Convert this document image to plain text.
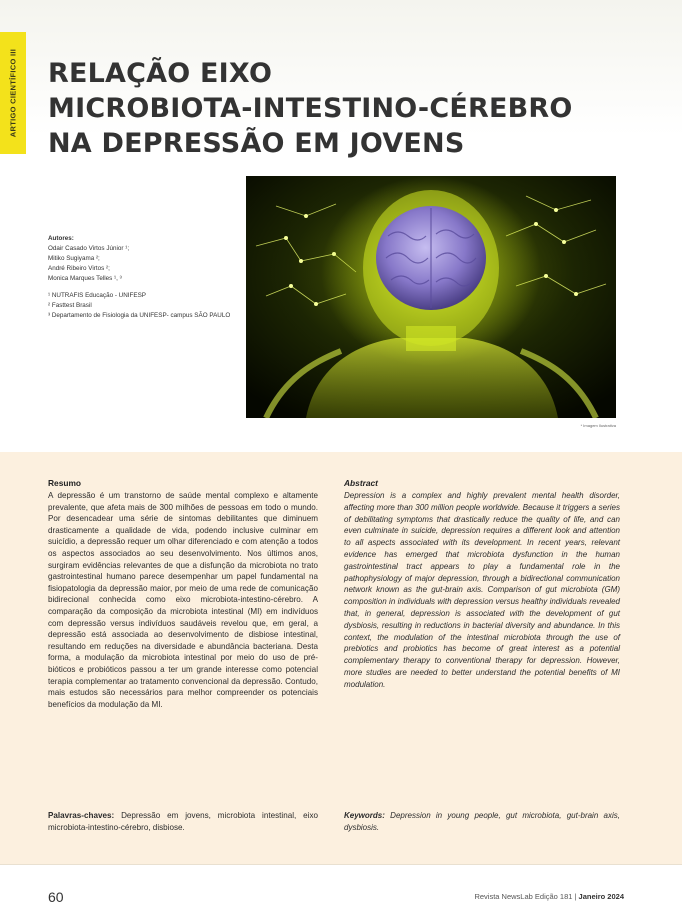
ARTIGO CIENTÍFICO III RELAÇÃO EIXO
MICROBIOTA-INTESTINO-CÉREBRO
NA DEPRESSÃO EM JOVENS
Autores:
Odair Casado Virtos Júnior ¹;
Mitiko Sugiyama ²;
André Ribeiro Virtos ²;
Monica Marques Telles ¹, ³
¹ NUTRAFIS Educação - UNIFESP
² Fasttest Brasil
³ Departamento de Fisiologia da UNIFESP- campus SÃO PAULO
* Imagem Ilustrativa
Resumo

A depressão é um transtorno de saúde mental complexo e altamente prevalente, que afeta mais de 300 milhões de pessoas em todo o mundo. Por desencadear uma série de sintomas debilitantes que diminuem drasticamente a qualidade de vida, podendo inclusive culminar em suicídio, a depressão requer um olhar diferenciado e com atenção a todos os aspectos associados ao seu desenvolvimento. Nos últimos anos, surgiram evidências relevantes de que a disfunção da microbiota no trato gastrointestinal humano parece desempenhar um papel fundamental na fisiopatologia da depressão maior, por meio de uma rede de comunicação bidirecional conhecida como eixo microbiota-intestino-cérebro. A comparação da composição da microbiota intestinal (MI) em indivíduos com depressão versus indivíduos saudáveis revelou que, em geral, a depressão está associada ao desenvolvimento de disbiose intestinal, resultando em reduções na diversidade e abundância bacteriana. Desta forma, a modulação da microbiota intestinal por meio do uso de pré-bióticos e probióticos passou a ter um grande interesse como potencial terapia complementar ao tratamento convencional da depressão. Contudo, mais estudos são necessários para melhor compreender os potenciais benefícios da modulação da MI.

Palavras-chaves: Depressão em jovens, microbiota intestinal, eixo microbiota-intestino-cérebro, disbiose.

Abstract

Depression is a complex and highly prevalent mental health disorder, affecting more than 300 million people worldwide. Because it triggers a series of debilitating symptoms that drastically reduce the quality of life, and can even culminate in suicide, depression requires a different look and attention to all aspects associated with its development. In recent years, relevant evidence has emerged that microbiota dysfunction in the human gastrointestinal tract appears to play a fundamental role in the pathophysiology of major depression, through a bidirectional communication network known as the gut-brain axis. Comparison of gut microbiota (GM) composition in individuals with depression versus healthy individuals revealed that, in general, depression is associated with the development of gut dysbiosis, resulting in reductions in bacterial diversity and abundance. In this context, the modulation of the intestinal microbiota through the use of prebiotics and probiotics has become of great interest as a potential complementary therapy to conventional therapy for depression. However, more studies are needed to better understand the potential benefits of MI modulation.

Keywords: Depression in young people, gut microbiota, gut-brain axis, dysbiosis.

60	Revista NewsLab Edição 181 | Janeiro 2024
